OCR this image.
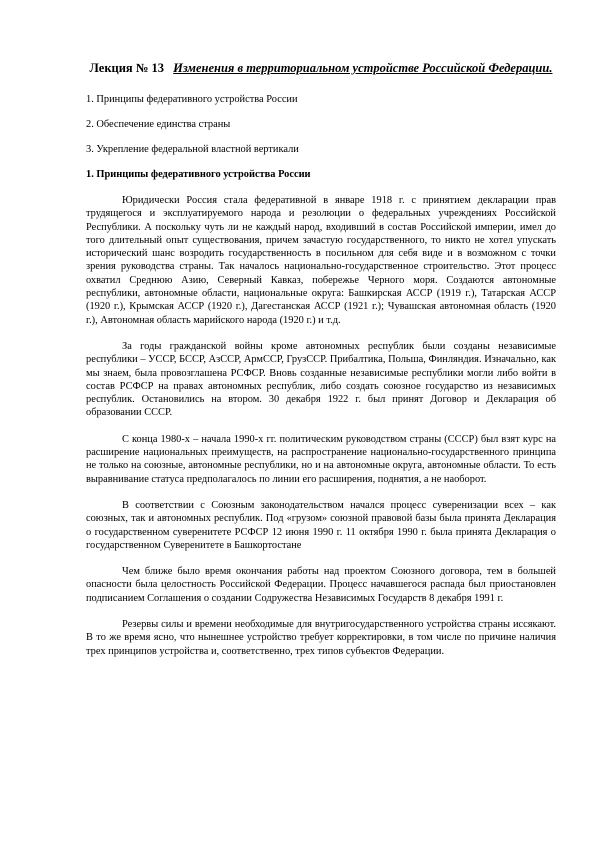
Лекция № 13 Изменения в территориальном устройстве Российской Федерации.

1. Принципы федеративного устройства России

2. Обеспечение единства страны

3. Укрепление федеральной властной вертикали

1. Принципы федеративного устройства России

Юридически Россия стала федеративной в январе 1918 г. с принятием декларации прав трудящегося и эксплуатируемого народа и резолюции о федеральных учреждениях Российской Республики. А поскольку чуть ли не каждый народ, входивший в состав Российской империи, имел до того длительный опыт существования, причем зачастую государственного, то никто не хотел упускать исторический шанс возродить государственность в посильном для себя виде и в возможном с точки зрения руководства страны. Так началось национально-государственное строительство. Этот процесс охватил Среднюю Азию, Северный Кавказ, побережье Черного моря. Создаются автономные республики, автономные области, национальные округа: Башкирская АССР (1919 г.), Татарская АССР (1920 г.), Крымская АССР (1920 г.), Дагестанская АССР (1921 г.); Чувашская автономная область (1920 г.), Автономная область марийского народа (1920 г.) и т.д.

За годы гражданской войны кроме автономных республик были созданы независимые республики – УССР, БССР, АзССР, АрмССР, ГрузССР. Прибалтика, Польша, Финляндия. Изначально, как мы знаем, была провозглашена РСФСР. Вновь созданные независимые республики могли либо войти в состав РСФСР на правах автономных республик, либо создать союзное государство из независимых республик. Остановились на втором. 30 декабря 1922 г. был принят Договор и Декларация об образовании СССР.

С конца 1980-х – начала 1990-х гг. политическим руководством страны (СССР) был взят курс на расширение национальных преимуществ, на распространение национально-государственного принципа не только на союзные, автономные республики, но и на автономные округа, автономные области. То есть выравнивание статуса предполагалось по линии его расширения, поднятия, а не наоборот.

В соответствии с Союзным законодательством начался процесс суверенизации всех – как союзных, так и автономных республик. Под «грузом» союзной правовой базы была принята Декларация о государственном суверенитете РСФСР 12 июня 1990 г. 11 октября 1990 г. была принята Декларация о государственном Суверенитете в Башкортостане

Чем ближе было время окончания работы над проектом Союзного договора, тем в большей опасности была целостность Российской Федерации. Процесс начавшегося распада был приостановлен подписанием Соглашения о создании Содружества Независимых Государств 8 декабря 1991 г.

Резервы силы и времени необходимые для внутригосударственного устройства страны иссякают. В то же время ясно, что нынешнее устройство требует корректировки, в том числе по причине наличия трех принципов устройства и, соответственно, трех типов субъектов Федерации.
